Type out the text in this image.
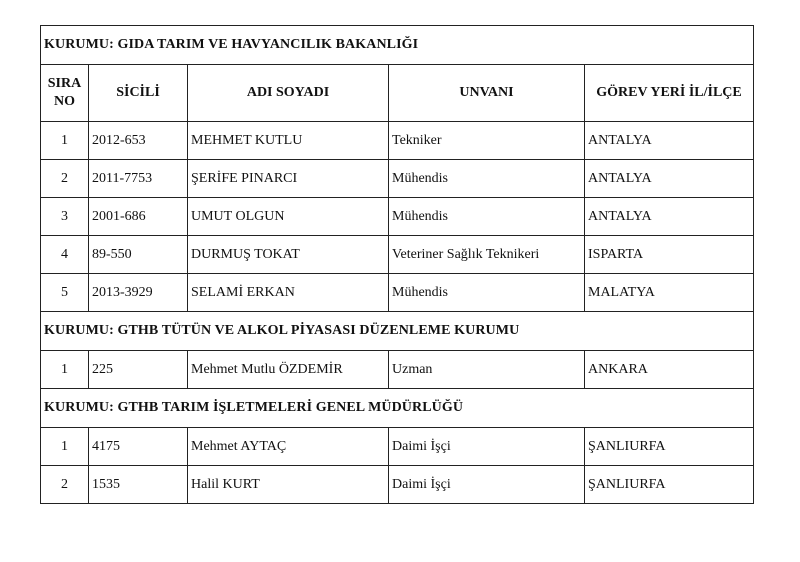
KURUMU: GIDA TARIM VE HAVYANCILIK BAKANLIĞI				
SIRA NO	SİCİLİ	ADI SOYADI	UNVANI	GÖREV YERİ İL/İLÇE
1	2012-653	MEHMET KUTLU	Tekniker	ANTALYA
2	2011-7753	ŞERİFE PINARCI	Mühendis	ANTALYA
3	2001-686	UMUT OLGUN	Mühendis	ANTALYA
4	89-550	DURMUŞ TOKAT	Veteriner Sağlık Teknikeri	ISPARTA
5	2013-3929	SELAMİ ERKAN	Mühendis	MALATYA
KURUMU: GTHB TÜTÜN VE ALKOL PİYASASI DÜZENLEME KURUMU				
1	225	Mehmet Mutlu ÖZDEMİR	Uzman	ANKARA
KURUMU: GTHB TARIM İŞLETMELERİ GENEL MÜDÜRLÜĞÜ				
1	4175	Mehmet AYTAÇ	Daimi İşçi	ŞANLIURFA
2	1535	Halil KURT	Daimi İşçi	ŞANLIURFA
